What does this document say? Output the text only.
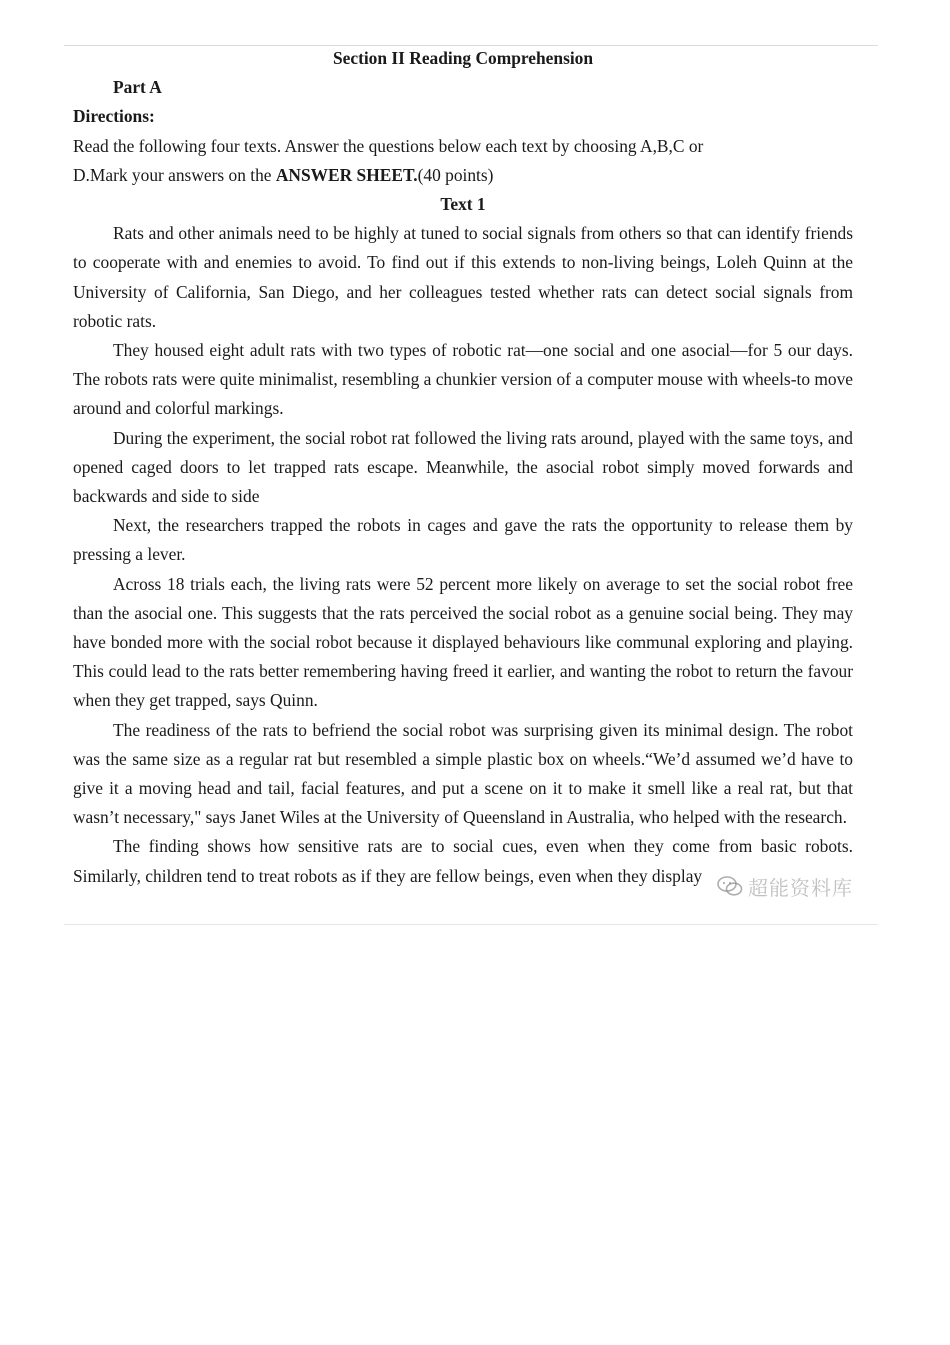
Section II Reading Comprehension
Part A
Directions:

Read the following four texts. Answer the questions below each text by choosing A,B,C or

D.Mark your answers on the ANSWER SHEET.(40 points)

Text 1

Rats and other animals need to be highly at tuned to social signals from others so that can identify friends to cooperate with and enemies to avoid. To find out if this extends to non-living beings, Loleh Quinn at the University of California, San Diego, and her colleagues tested whether rats can detect social signals from robotic rats.

They housed eight adult rats with two types of robotic rat—one social and one asocial—for 5 our days. The robots rats were quite minimalist, resembling a chunkier version of a computer mouse with wheels-to move around and colorful markings.

During the experiment, the social robot rat followed the living rats around, played with the same toys, and opened caged doors to let trapped rats escape. Meanwhile, the asocial robot simply moved forwards and backwards and side to side

Next, the researchers trapped the robots in cages and gave the rats the opportunity to release them by pressing a lever.

Across 18 trials each, the living rats were 52 percent more likely on average to set the social robot free than the asocial one. This suggests that the rats perceived the social robot as a genuine social being. They may have bonded more with the social robot because it displayed behaviours like communal exploring and playing. This could lead to the rats better remembering having freed it earlier, and wanting the robot to return the favour when they get trapped, says Quinn.

The readiness of the rats to befriend the social robot was surprising given its minimal design. The robot was the same size as a regular rat but resembled a simple plastic box on wheels.“We’d assumed we’d have to give it a moving head and tail, facial features, and put a scene on it to make it smell like a real rat, but that wasn’t necessary," says Janet Wiles at the University of Queensland in Australia, who helped with the research.

The finding shows how sensitive rats are to social cues, even when they come from basic robots. Similarly, children tend to treat robots as if they are fellow beings, even when they display	超能资料库
